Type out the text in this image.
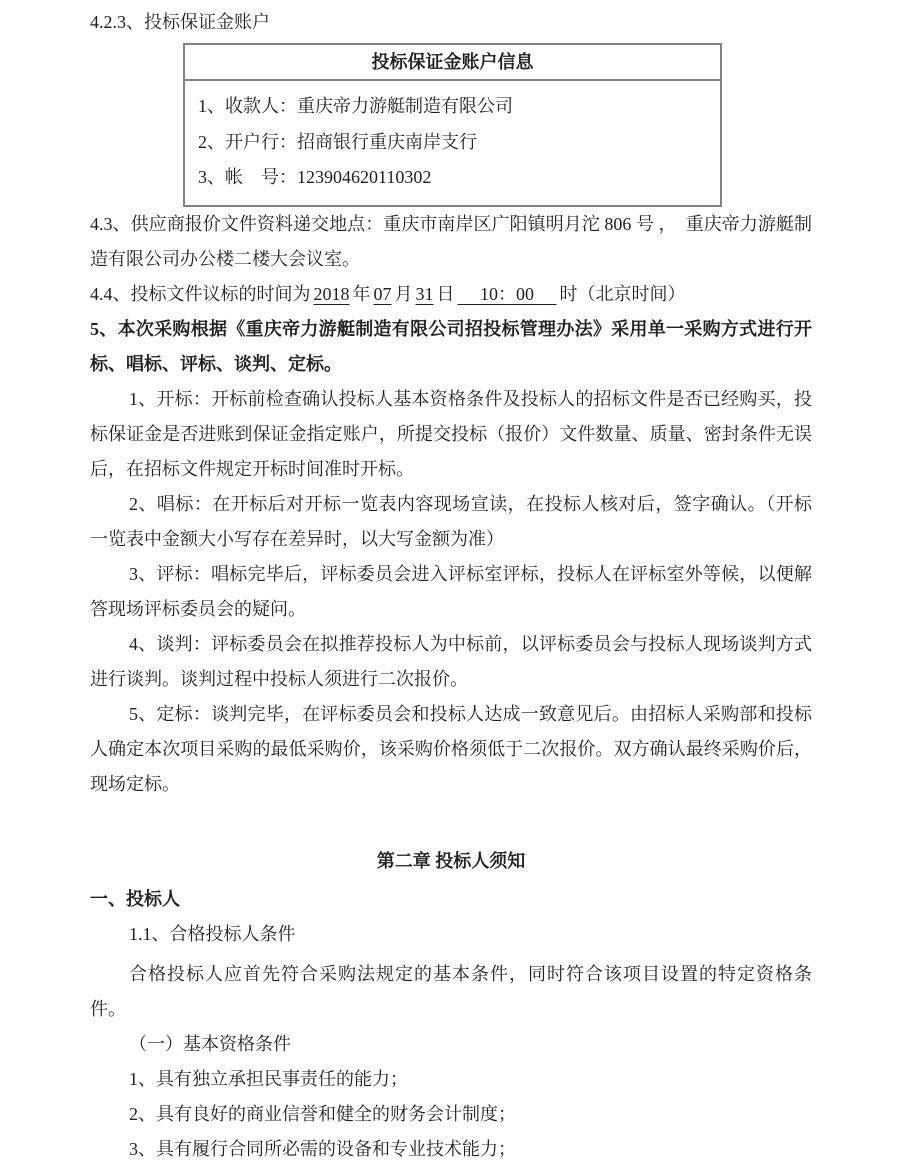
4.2.3、投标保证金账户

投标保证金账户信息
1、收款人：重庆帝力游艇制造有限公司
2、开户行：招商银行重庆南岸支行
3、帐　号：123904620110302

4.3、供应商报价文件资料递交地点：重庆市南岸区广阳镇明月沱 806 号 ，  重庆帝力游艇制造有限公司办公楼二楼大会议室。

4.4、投标文件议标的时间为 2018 年 07 月 31 日 　10：00　 时（北京时间）

5、本次采购根据《重庆帝力游艇制造有限公司招投标管理办法》采用单一采购方式进行开标、唱标、评标、谈判、定标。

1、开标：开标前检查确认投标人基本资格条件及投标人的招标文件是否已经购买，投标保证金是否进账到保证金指定账户，所提交投标（报价）文件数量、质量、密封条件无误后，在招标文件规定开标时间准时开标。

2、唱标：在开标后对开标一览表内容现场宣读，在投标人核对后，签字确认。（开标一览表中金额大小写存在差异时，以大写金额为准）

3、评标：唱标完毕后，评标委员会进入评标室评标，投标人在评标室外等候，以便解答现场评标委员会的疑问。

4、谈判：评标委员会在拟推荐投标人为中标前，以评标委员会与投标人现场谈判方式进行谈判。谈判过程中投标人须进行二次报价。

5、定标：谈判完毕，在评标委员会和投标人达成一致意见后。由招标人采购部和投标人确定本次项目采购的最低采购价，该采购价格须低于二次报价。双方确认最终采购价后，现场定标。

第二章 投标人须知

一、投标人

1.1、合格投标人条件

合格投标人应首先符合采购法规定的基本条件，同时符合该项目设置的特定资格条件。

（一）基本资格条件

1、具有独立承担民事责任的能力；

2、具有良好的商业信誉和健全的财务会计制度；

3、具有履行合同所必需的设备和专业技术能力；
